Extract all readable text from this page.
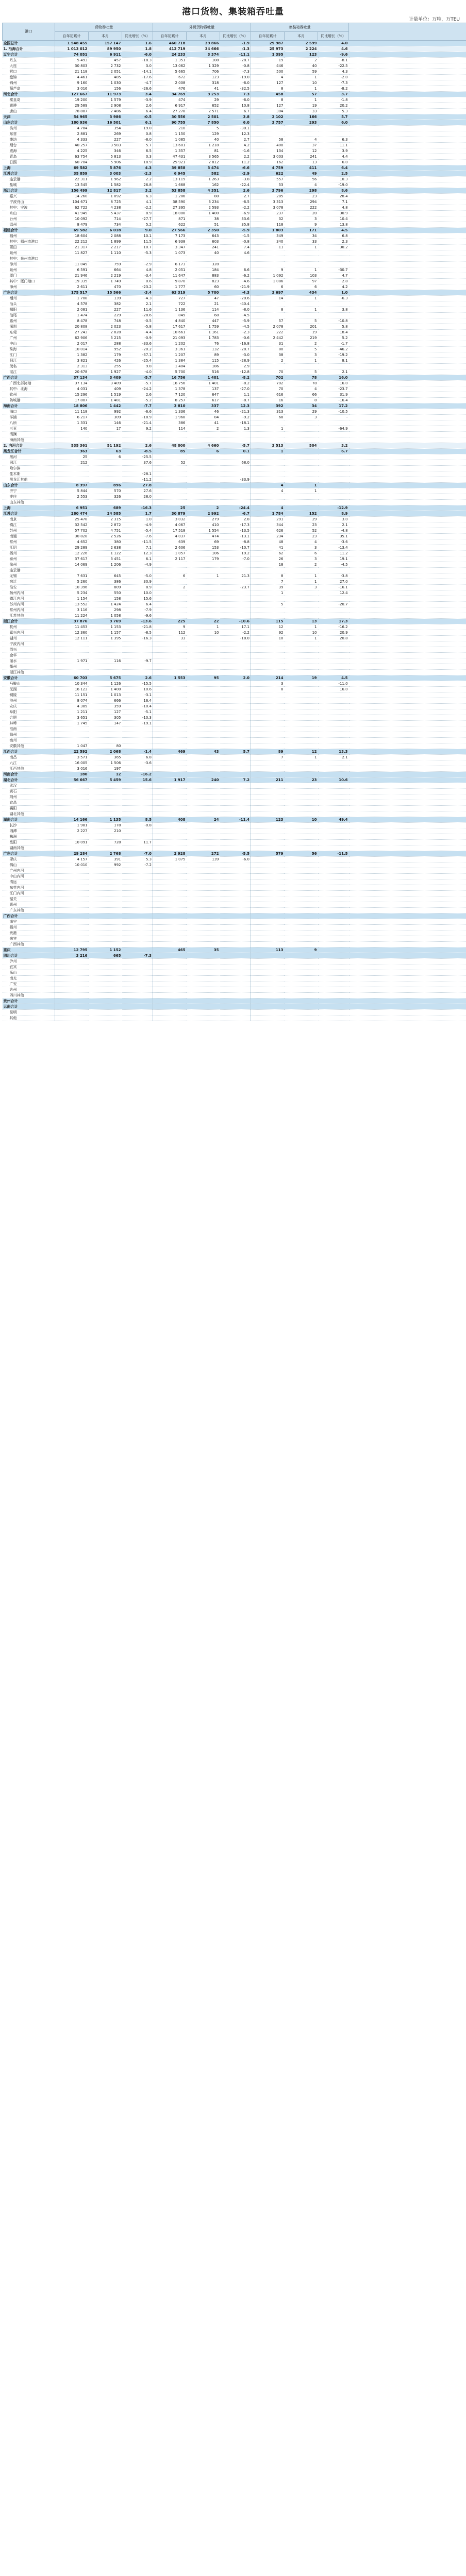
港口货物、集装箱吞吐量
计量单位：万吨，万TEU
港口	货物吞吐量			外贸货物吞吐量			集装箱吞吐量			
	自年初累计	本月	同比增长（%）	自年初累计	本月	同比增长（%）	自年初累计	本月	同比增长（%）	
全国总计	1 548 455	157 147	1.6	460 718	39 866	-1.9	29 987	2 599	4.0	
1. 沿海合计	1 013 012	89 950	1.8	412 719	34 666	-1.3	25 973	2 224	4.6	
辽宁合计	74 051	6 911	-6.0	24 233	3 374	-11.1	1 395	123	-9.6	
丹东	5 493	457	-18.3	1 351	108	-28.7	19	2	-8.1	
大连	30 803	2 732	3.0	13 062	1 329	-0.8	446	40	-22.5	
营口	21 118	2 051	-14.1	5 665	706	-7.3	500	59	4.3	
盘锦	4 461	485	-17.6	672	123	-19.0	4	1	-2.0	
锦州	9 160	1 030	-4.7	2 008	318	-6.0	127	10	-7.3	
葫芦岛	3 016	156	-26.6	476	41	-32.5	8	1	-8.2	
河北合计	127 667	11 973	3.4	34 769	3 253	7.3	458	57	3.7	
秦皇岛	19 200	1 579	-3.9	474	29	-6.0	8	1	-1.8	
黄骅	29 589	2 908	2.6	6 917	652	10.8	127	19	20.2	
唐山	78 887	7 486	6.4	27 278	2 571	6.7	304	33	5.3	
天津	54 965	3 986	-0.5	30 556	2 501	3.8	2 102	166	5.7	
山东合计	180 936	16 501	6.1	90 755	7 850	6.0	3 757	293	6.0	
滨州	4 784	354	19.0	210	5	-30.1				
东营	2 881	269	0.8	1 150	129	12.3				
潍坊	4 333	227	-8.0	1 085	40	2.7	58	4	6.3	
烟台	40 257	3 583	5.7	13 601	1 218	4.2	400	37	11.1	
威海	4 225	346	6.5	1 357	81	-1.6	134	12	3.9	
青岛	63 754	5 813	0.3	47 431	3 565	2.2	3 003	241	4.4	
日照	60 704	5 906	18.9	25 921	2 812	11.2	162	13	6.0	
上海	69 582	5 876	4.3	39 858	3 474	-6.6	4 759	411	6.4	
江苏合计	35 859	3 003	-2.3	6 945	582	-2.9	622	49	2.5	
连云港	22 311	1 962	2.2	13 119	1 263	-3.8	557	56	10.3	
盐城	13 545	1 582	26.8	1 668	162	-22.4	53	4	-19.0	
浙江合计	156 499	12 817	3.2	53 858	4 351	2.6	3 796	298	8.6	
嘉兴	14 260	1 092	6.3	1 286	80	2.7	285	23	28.4	
宁波舟山	104 671	8 725	4.1	38 590	3 234	-6.5	3 313	294	7.1	
其中：宁波	62 722	4 238	-2.2	27 395	2 593	-2.2	3 078	222	4.8	
舟山	41 949	5 437	8.9	18 008	1 400	-6.9	237	20	30.9	
台州	10 092	714	-27.7	871	38	33.6	32	3	10.4	
温州	8 479	734	5.2	622	51	35.8	118	9	13.8	
福建合计	69 582	6 018	9.0	27 566	2 350	-5.9	1 803	171	4.5	
福州	18 604	2 088	10.1	7 173	643	-1.5	349	34	6.8	
其中：福州市港口	22 212	1 899	11.5	6 938	603	-0.8	340	33	2.3	
莆田	21 317	2 217	10.7	3 347	241	7.4	11	1	30.2	
泉州	11 827	1 110	-5.3	1 073	40	4.6				
其中：泉州市港口										
漳州	11 049	759	-2.9	6 173	328					
泉州	6 591	664	4.8	2 051	184	6.6	9	1	-30.7	
厦门	21 946	2 219	-3.4	11 647	883	-6.2	1 092	103	4.7	
其中：厦门港口	19 335	1 749	0.6	9 870	823	-4.6	1 086	97	2.8	
漳州	2 611	470	-23.2	1 777	60	-21.9	6	6	4.2	
广东合计	175 517	15 566	-3.4	63 319	5 700	-4.3	3 697	434	1.0	
潮州	1 708	139	-4.3	727	47	-20.6	14	1	-6.3	
汕头	4 578	382	2.1	722	21	-40.4				
揭阳	2 081	227	11.6	1 136	114	-8.0	8	1	3.8	
汕尾	1 474	229	-28.6	849	68	-4.5				
惠州	8 478	748	-0.5	4 840	447	-5.9	57	5	-10.8	
深圳	20 808	2 023	-5.8	17 617	1 759	-4.5	2 078	201	5.8	
东莞	27 243	2 828	-4.4	10 661	1 161	-2.3	222	19	18.4	
广州	62 906	5 215	-0.9	21 093	1 783	-0.6	2 442	219	5.2	
中山	2 017	288	-33.6	1 202	76	-16.8	31	2	-1.7	
珠海	10 014	952	-20.2	3 361	132	-28.7	80	5	-46.2	
江门	1 382	179	-37.1	1 207	89	-3.0	38	3	-19.2	
阳江	3 821	426	-25.4	1 384	115	-28.9	2	1	8.1	
茂名	2 313	255	9.8	1 404	186	2.9				
湛江	20 678	1 927	-4.0	5 700	516	-12.8	70	5	2.1	
广西合计	37 134	3 409	-5.7	16 756	1 401	-8.2	702	78	16.0	
广西北部湾港	37 134	3 409	-5.7	16 756	1 401	-8.2	702	78	16.0	
其中：北海	4 031	409	-24.2	1 378	137	-27.0	70	4	-23.7	
钦州	15 296	1 519	2.6	7 120	647	1.1	616	66	31.9	
防城港	17 807	1 481	-5.2	8 257	617	-8.7	16	8	-16.4	
海南合计	18 806	1 442	-7.7	3 810	337	12.3	392	34	17.2	
海口	11 118	992	-6.6	1 336	46	-21.3	313	29	-10.5	
洋浦	6 217	309	-18.9	1 968	84	-9.2	68	3	-	
八所	1 331	146	-21.4	386	41	-18.1				
三亚	140	17	9.2	114	2	1.3	1		-64.9	
清澜										
海南其他										
2. 内河合计	535 361	51 192	2.6	48 000	4 660	-5.7	3 513	504	3.2	
黑龙江合计	363	63	-8.5	85	6	0.1	1		6.7	
黑河	25	6	-25.5							
同江	212		37.6	52		68.0				
哈尔滨										
佳木斯			-28.1							
黑龙江其他			-11.2			-33.9				
山东合计	8 397	896	27.8				4	1		
济宁	5 844	570	27.6				4	1		
枣庄	2 553	326	28.0							
山东其他										
上海	6 951	689	-16.3	25	2	-24.4	4		-12.9	
江苏合计	280 474	24 585	1.7	30 879	2 992	-6.7	1 784	152	8.9	
南京	25 478	2 315	1.0	3 032	279	2.8	291	29	3.0	
镇江	32 542	2 872	-4.9	4 067	410	-17.3	344	23	2.1	
苏州	57 702	4 751	-5.4	17 518	1 554	-13.5	626	52	-4.8	
南通	30 828	2 526	-7.6	4 037	474	-13.1	234	23	35.1	
常州	4 652	380	-11.5	639	69	-8.8	48	4	-3.6	
江阴	29 289	2 638	7.1	2 606	153	-10.7	41	3	-13.4	
扬州	12 226	1 122	12.3	1 057	106	19.2	62	6	11.2	
泰州	37 617	3 451	6.1	2 117	179	-7.0	26	3	19.1	
徐州	14 069	1 206	-4.9				18	2	-4.5	
连云港										
无锡	7 631	645	-5.0	6	1	21.3	8	1	-3.8	
宿迁	5 260	386	30.9				7	1	27.0	
淮安	10 396	809	8.9	2		-23.7	39	3	-16.1	
扬州内河	5 234	550	10.0				1		12.4	
镇江内河	1 154	158	15.6							
苏州内河	13 552	1 424	6.4				5		-20.7	
常州内河	3 116	298	-7.9							
江苏其他	11 224	1 058	-9.6							
浙江合计	37 876	3 769	-13.6	225	22	-10.6	115	13	17.3	
杭州	11 453	1 153	-21.8	9	1	17.1	12	1	-16.2	
嘉兴内河	12 360	1 157	-8.5	112	10	-2.2	92	10	20.9	
湖州	12 111	1 395	-16.3	33		-18.0	10	1	20.8	
宁波内河										
绍兴										
金华										
丽水	1 971	116	-9.7							
衢州										
浙江其他										
安徽合计	60 703	5 675	2.6	1 553	95	2.0	214	19	4.5	
马鞍山	10 344	1 126	-15.5				3		-11.0	
芜湖	16 123	1 400	10.6				8		16.0	
铜陵	11 151	1 013	-3.1							
池州	8 074	666	16.4							
安庆	4 389	359	-10.4							
阜阳	1 211	127	-5.1							
合肥	3 651	305	-10.3							
蚌埠	1 745	147	-19.1							
淮南										
滁州										
宿州										
安徽其他	1 047	80								
江西合计	22 592	2 068	-1.4	469	43	5.7	89	12	13.3	
南昌	3 571	365	6.8				7	1	2.1	
九江	16 005	1 506	-3.6							
江西其他	3 016	197								
河南合计	180	12	-16.2							
湖北合计	56 667	5 459	15.6	1 917	240	7.2	211	23	10.6	
武汉										
黄石										
荆州										
宜昌										
襄阳										
湖北其他										
湖南合计	14 166	1 135	8.5	408	24	-11.4	123	10	49.4	
长沙	1 981	178	-0.8							
湘潭	2 227	210								
株洲										
岳阳	10 091	728	11.7							
湖南其他										
广东合计	29 284	2 768	-7.0	2 928	272	-5.5	579	56	-11.5	
肇庆	4 157	391	5.3	1 075	139	-6.0				
佛山	10 010	992	-7.2							
广州内河										
中山内河										
清远										
东莞内河										
江门内河										
韶关										
惠州										
广东其他										
广西合计										
南宁										
梧州										
贵港										
来宾										
广西其他										
重庆	12 795	1 152		465	35		113	9		
四川合计	3 216	665	-7.3							
泸州										
宜宾										
乐山										
南充										
广安										
达州										
四川其他										
贵州合计										
云南合计										
昆明										
其他										
